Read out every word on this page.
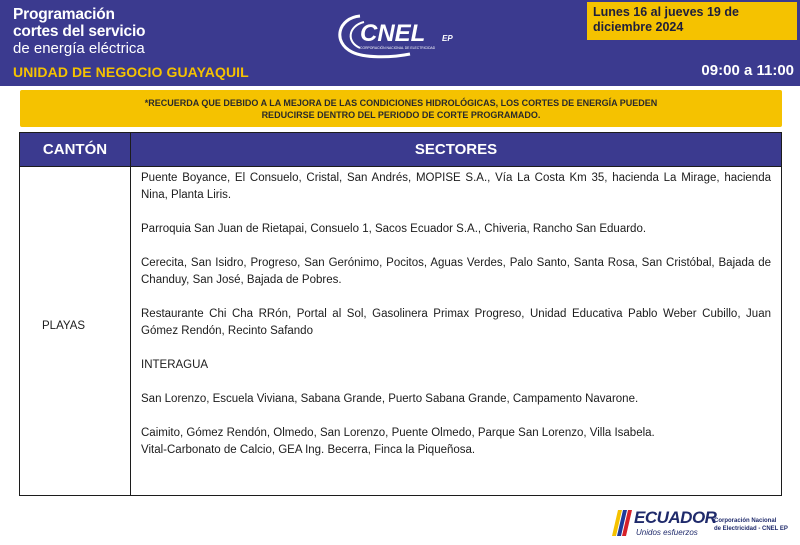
Programación
cortes del servicio
de energía eléctrica
UNIDAD DE NEGOCIO GUAYAQUIL
CNEL EP
CORPORACIÓN NACIONAL DE ELECTRICIDAD
Lunes 16 al jueves 19 de diciembre 2024
09:00 a 11:00
*RECUERDA QUE DEBIDO A LA MEJORA DE LAS CONDICIONES HIDROLÓGICAS, LOS CORTES DE ENERGÍA PUEDEN REDUCIRSE DENTRO DEL PERIODO DE CORTE PROGRAMADO.
CANTÓN	SECTORES
PLAYAS

Puente Boyance, El Consuelo, Cristal, San Andrés, MOPISE S.A., Vía La Costa Km 35, hacienda La Mirage, hacienda Nina, Planta Liris.

Parroquia San Juan de Rietapai, Consuelo 1, Sacos Ecuador S.A., Chiveria, Rancho San Eduardo.

Cerecita, San Isidro, Progreso, San Gerónimo, Pocitos, Aguas Verdes, Palo Santo, Santa Rosa, San Cristóbal, Bajada de Chanduy, San José, Bajada de Pobres.

Restaurante Chi Cha RRón, Portal al Sol, Gasolinera Primax Progreso, Unidad Educativa Pablo Weber Cubillo, Juan Gómez Rendón, Recinto Safando

INTERAGUA

San Lorenzo, Escuela Viviana, Sabana Grande, Puerto Sabana Grande, Campamento Navarone.

Caimito, Gómez Rendón, Olmedo, San Lorenzo, Puente Olmedo, Parque San Lorenzo, Villa Isabela.

Vital-Carbonato de Calcio, GEA Ing. Becerra, Finca la Piqueñosa.

ECUADOR
Unidos esfuerzos
Corporación Nacional
de Electricidad - CNEL EP
